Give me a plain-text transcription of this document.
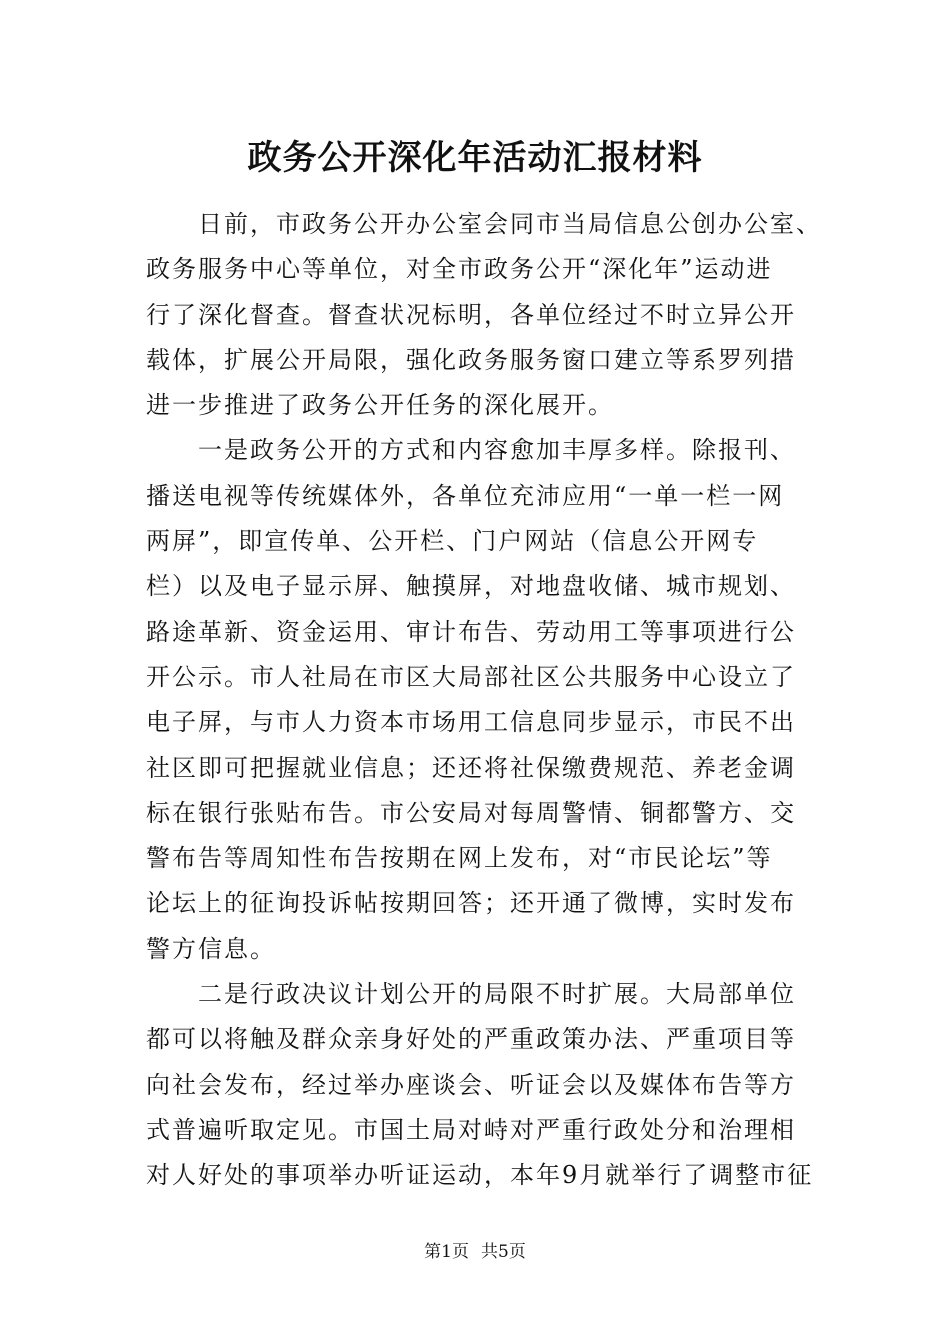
政务公开深化年活动汇报材料
　　日前，市政务公开办公室会同市当局信息公创办公室、
政务服务中心等单位，对全市政务公开“深化年”运动进
行了深化督查。督查状况标明，各单位经过不时立异公开
载体，扩展公开局限，强化政务服务窗口建立等系罗列措
进一步推进了政务公开任务的深化展开。
　　一是政务公开的方式和内容愈加丰厚多样。除报刊、
播送电视等传统媒体外，各单位充沛应用“一单一栏一网
两屏”，即宣传单、公开栏、门户网站（信息公开网专
栏）以及电子显示屏、触摸屏，对地盘收储、城市规划、
路途革新、资金运用、审计布告、劳动用工等事项进行公
开公示。市人社局在市区大局部社区公共服务中心设立了
电子屏，与市人力资本市场用工信息同步显示，市民不出
社区即可把握就业信息；还还将社保缴费规范、养老金调
标在银行张贴布告。市公安局对每周警情、铜都警方、交
警布告等周知性布告按期在网上发布，对“市民论坛”等
论坛上的征询投诉帖按期回答；还开通了微博，实时发布
警方信息。
　　二是行政决议计划公开的局限不时扩展。大局部单位
都可以将触及群众亲身好处的严重政策办法、严重项目等
向社会发布，经过举办座谈会、听证会以及媒体布告等方
式普遍听取定见。市国土局对峙对严重行政处分和治理相
对人好处的事项举办听证运动，本年9月就举行了调整市征
第1页 共5页
